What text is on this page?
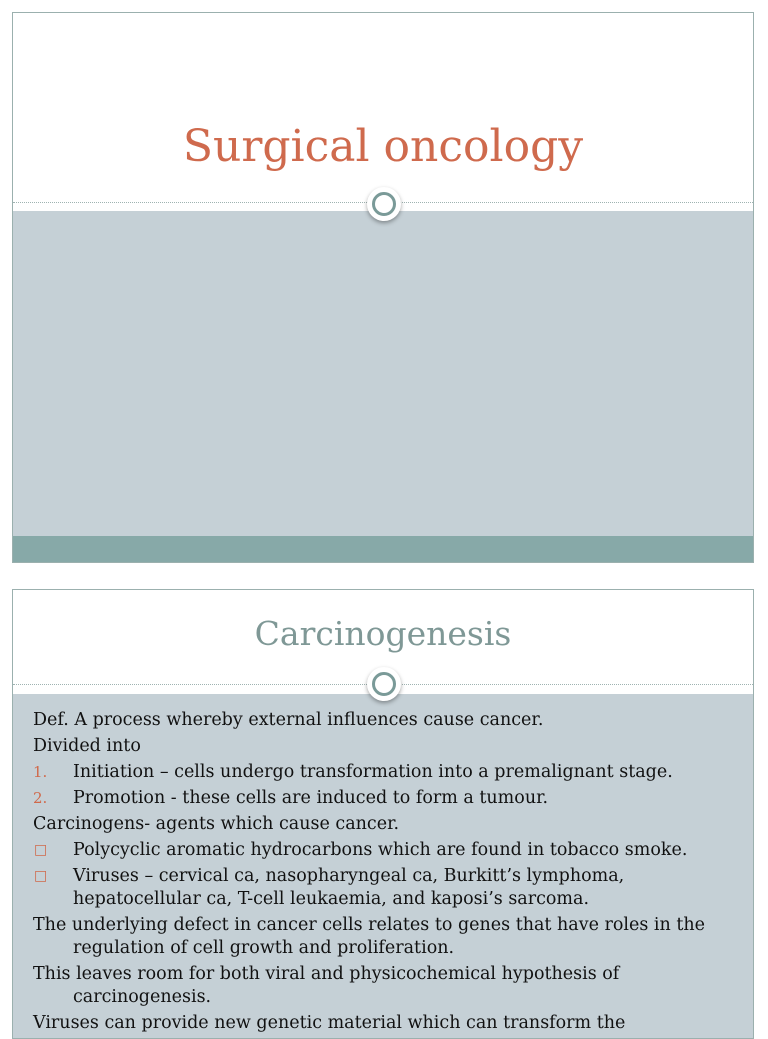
Surgical oncology
Carcinogenesis
Def. A process whereby external influences cause cancer.
Divided into
1. Initiation – cells undergo transformation into a premalignant stage.
2. Promotion - these cells are induced to form a tumour.
Carcinogens- agents which cause cancer.
□ Polycyclic aromatic hydrocarbons which are found in tobacco smoke.
□ Viruses – cervical ca, nasopharyngeal ca, Burkitt’s lymphoma, hepatocellular ca, T-cell leukaemia, and kaposi’s sarcoma.
The underlying defect in cancer cells relates to genes that have roles in the regulation of cell growth and proliferation.
This leaves room for both viral and physicochemical hypothesis of carcinogenesis.
Viruses can provide new genetic material which can transform the
